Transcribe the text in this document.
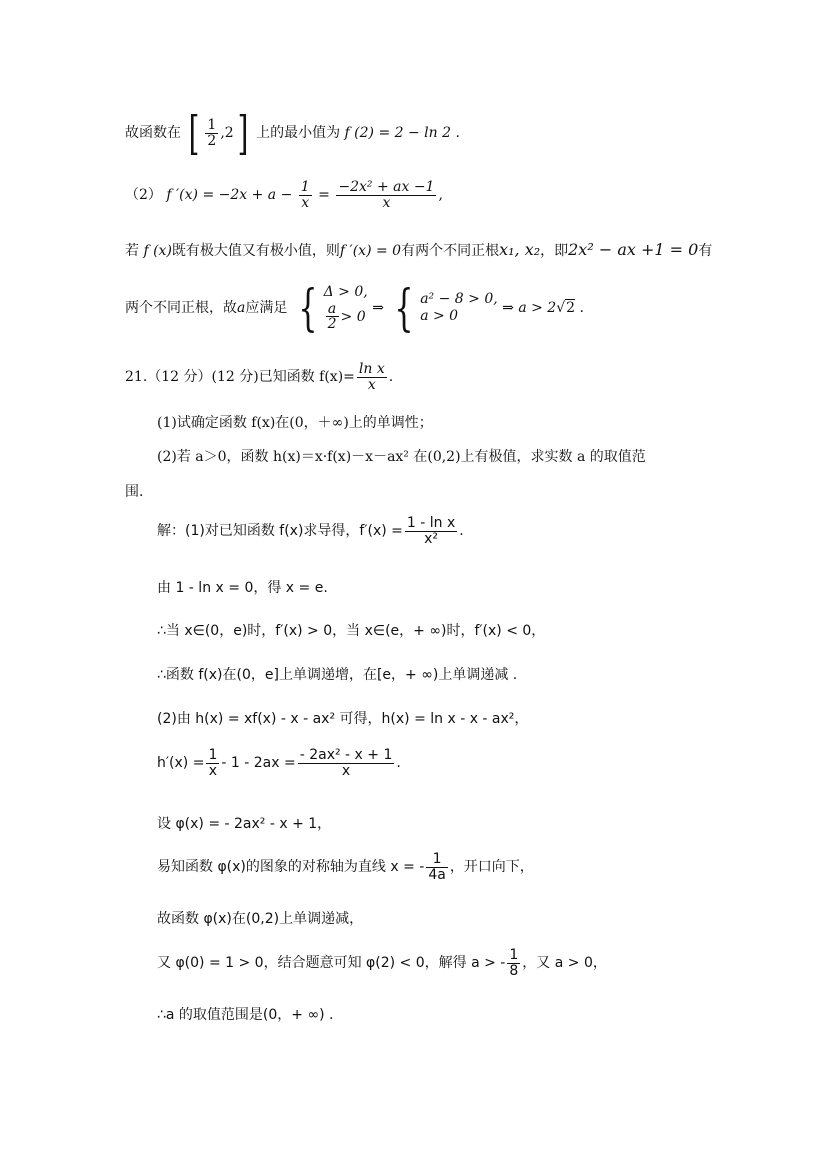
故函数在 [ $\frac{1}{2} ,2$] 上的最小值为 f (2) = 2 − ln 2 .
（2） f $'(x) = -2x + a - \frac{1}{x} = \frac{\text{−2x² + ax −1}}{x}$ ,
若 f (x)既有极大值又有极小值，则f ′(x) = 0有两个不同正根x₁, x₂，即2x² − ax +1 = 0有
两个不同正根，故a应满足 { Δ > 0,
$\frac{a}{2} > 0$
⇒ { a² − 8 > 0,
a > 0	⇒ a > 2√2 .
21.（12 分）(12 分)已知函数 $f(x)= \frac{\text{ln x}}{x}$ .
(1)试确定函数 f(x)在(0，＋∞)上的单调性；
(2)若 a＞0，函数 h(x)＝x·f(x)－x－ax² 在(0,2)上有极值，求实数 a 的取值范
围.
解：(1)对已知函数 f(x)求导得，$f'(x) = \frac{\text{1 - ln x}}{\text{x²}}$ .
由 1 - ln x = 0，得 x = e.
∴当 x∈(0，e)时，f′(x) > 0，当 x∈(e，+ ∞)时，f′(x) < 0，
∴函数 f(x)在(0，e]上单调递增，在[e，+ ∞)上单调递减 .
(2)由 h(x) = xf(x) - x - ax² 可得，h(x) = ln x - x - ax²，
$h'(x) = \frac{1}{x} - 1 - 2ax = \frac{\text{- 2ax² - x + 1}}{x}$ .
设 φ(x) = - 2ax² - x + 1，
易知函数 φ(x)的图象的对称轴为直线 x = - $\frac{1}{4a}$ ，开口向下，
故函数 φ(x)在(0,2)上单调递减，
又 φ(0) = 1 > 0，结合题意可知 φ(2) < 0，解得 a > - $\frac{1}{8}$ ，又 a > 0，
∴a 的取值范围是(0，+ ∞) .
